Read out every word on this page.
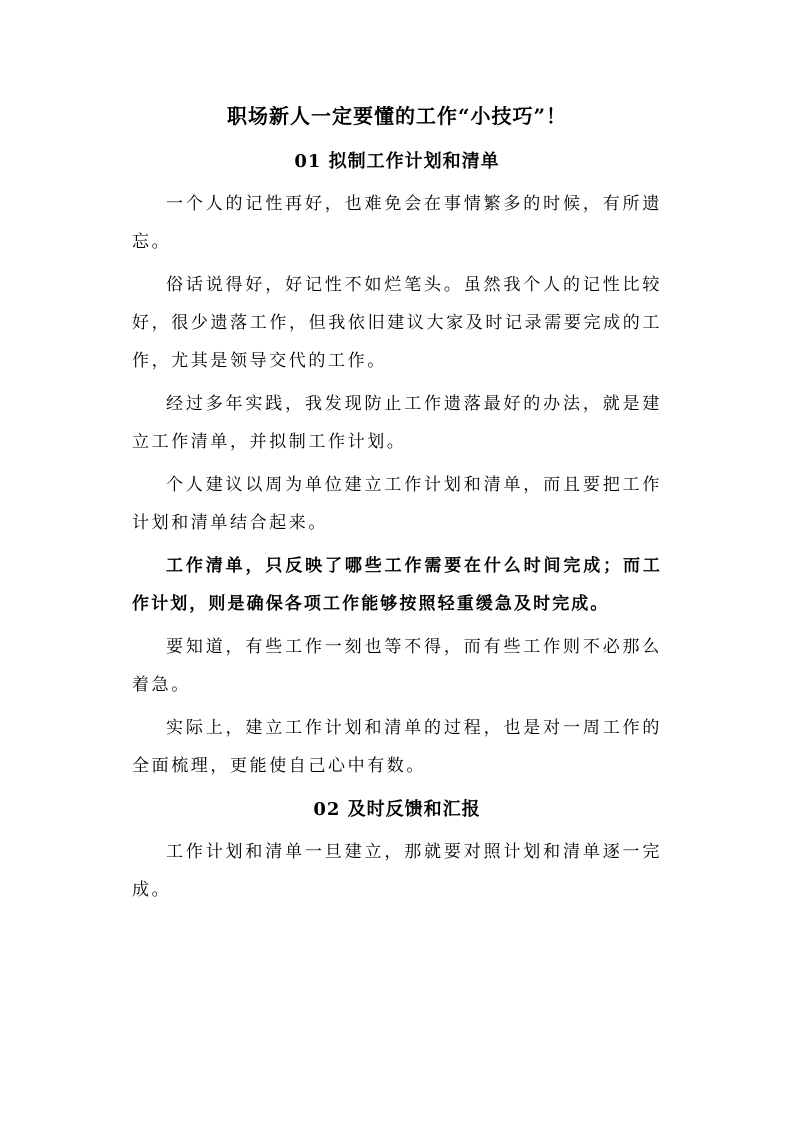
职场新人一定要懂的工作“小技巧”！
01 拟制工作计划和清单

一个人的记性再好，也难免会在事情繁多的时候，有所遗忘。

俗话说得好，好记性不如烂笔头。虽然我个人的记性比较好，很少遗落工作，但我依旧建议大家及时记录需要完成的工作，尤其是领导交代的工作。

经过多年实践，我发现防止工作遗落最好的办法，就是建立工作清单，并拟制工作计划。

个人建议以周为单位建立工作计划和清单，而且要把工作计划和清单结合起来。

工作清单，只反映了哪些工作需要在什么时间完成；而工作计划，则是确保各项工作能够按照轻重缓急及时完成。

要知道，有些工作一刻也等不得，而有些工作则不必那么着急。

实际上，建立工作计划和清单的过程，也是对一周工作的全面梳理，更能使自己心中有数。

02 及时反馈和汇报

工作计划和清单一旦建立，那就要对照计划和清单逐一完成。
